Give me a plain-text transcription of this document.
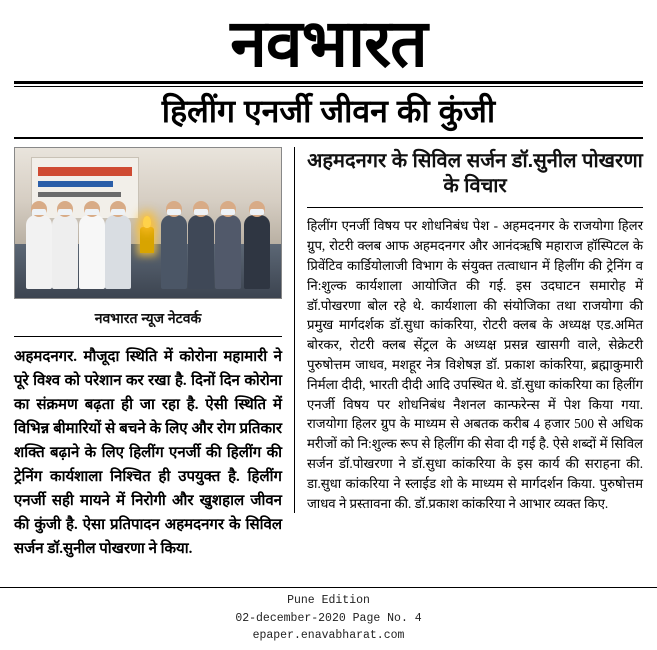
नवभारत
हिलींग एनर्जी जीवन की कुंजी
नवभारत न्यूज नेटवर्क
अहमदनगर. मौजूदा स्थिति में कोरोना महामारी ने पूरे विश्व को परेशान कर रखा है. दिनों दिन कोरोना का संक्रमण बढ़ता ही जा रहा है. ऐसी स्थिति में विभिन्न बीमारियों से बचने के लिए और रोग प्रतिकार शक्ति बढ़ाने के लिए हिलींग एनर्जी की हिलींग की ट्रेनिंग कार्यशाला निश्चित ही उपयुक्त है. हिलींग एनर्जी सही मायने में निरोगी और खुशहाल जीवन की कुंजी है. ऐसा प्रतिपादन अहमदनगर के सिविल सर्जन डॉ.सुनील पोखरणा ने किया.
अहमदनगर के सिविल सर्जन डॉ.सुनील पोखरणा के विचार
हिलींग एनर्जी विषय पर शोधनिबंध पेश - अहमदनगर के राजयोगा हिलर ग्रुप, रोटरी क्लब आफ अहमदनगर और आनंदऋषि महाराज हॉस्पिटल के प्रिवेंटिव कार्डियोलाजी विभाग के संयुक्त तत्वाधान में हिलींग की ट्रेनिंग व नि:शुल्क कार्यशाला आयोजित की गई. इस उदघाटन समारोह में डॉ.पोखरणा बोल रहे थे. कार्यशाला की संयोजिका तथा राजयोगा की प्रमुख मार्गदर्शक डॉ.सुधा कांकरिया, रोटरी क्लब के अध्यक्ष एड.अमित बोरकर, रोटरी क्लब सेंट्रल के अध्यक्ष प्रसन्न खासगी वाले, सेक्रेटरी पुरुषोत्तम जाधव, मशहूर नेत्र विशेषज्ञ डॉ. प्रकाश कांकरिया, ब्रह्माकुमारी निर्मला दीदी, भारती दीदी आदि उपस्थित थे. डॉ.सुधा कांकरिया का हिलींग एनर्जी विषय पर शोधनिबंध नैशनल कान्फरेन्स में पेश किया गया. राजयोगा हिलर ग्रुप के माध्यम से अबतक करीब 4 हजार 500 से अधिक मरीजों को नि:शुल्क रूप से हिलींग की सेवा दी गई है. ऐसे शब्दों में सिविल सर्जन डॉ.पोखरणा ने डॉ.सुधा कांकरिया के इस कार्य की सराहना की. डा.सुधा कांकरिया ने स्लाईड शो के माध्यम से मार्गदर्शन किया. पुरुषोत्तम जाधव ने प्रस्तावना की. डॉ.प्रकाश कांकरिया ने आभार व्यक्त किए.
Pune Edition
02-december-2020 Page No. 4
epaper.enavabharat.com
